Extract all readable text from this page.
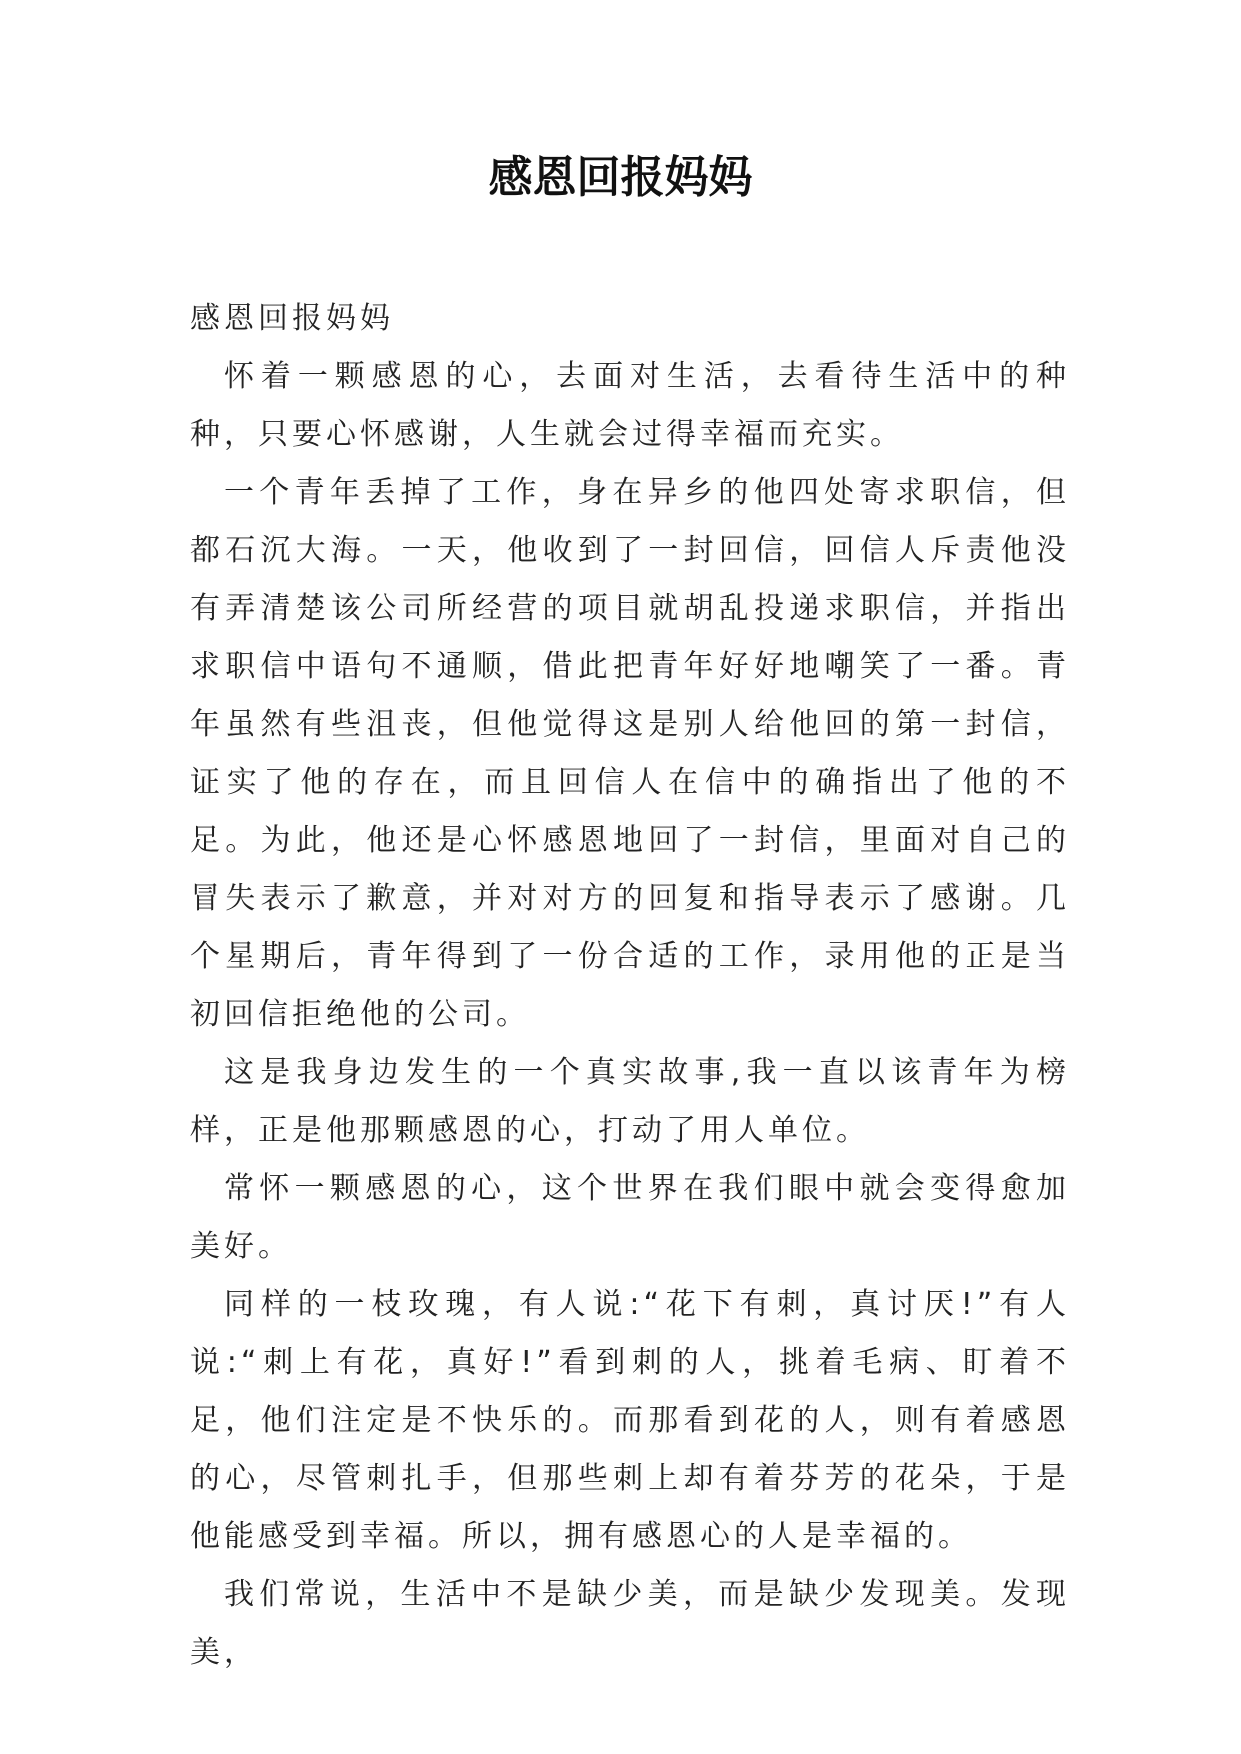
感恩回报妈妈

感恩回报妈妈

怀着一颗感恩的心，去面对生活，去看待生活中的种种，只要心怀感谢，人生就会过得幸福而充实。

一个青年丢掉了工作，身在异乡的他四处寄求职信，但都石沉大海。一天，他收到了一封回信，回信人斥责他没有弄清楚该公司所经营的项目就胡乱投递求职信，并指出求职信中语句不通顺，借此把青年好好地嘲笑了一番。青年虽然有些沮丧，但他觉得这是别人给他回的第一封信，证实了他的存在，而且回信人在信中的确指出了他的不足。为此，他还是心怀感恩地回了一封信，里面对自己的冒失表示了歉意，并对对方的回复和指导表示了感谢。几个星期后，青年得到了一份合适的工作，录用他的正是当初回信拒绝他的公司。

这是我身边发生的一个真实故事,我一直以该青年为榜样，正是他那颗感恩的心，打动了用人单位。

常怀一颗感恩的心，这个世界在我们眼中就会变得愈加美好。

同样的一枝玫瑰，有人说:“花下有刺，真讨厌!”有人说:“刺上有花，真好!”看到刺的人，挑着毛病、盯着不足，他们注定是不快乐的。而那看到花的人，则有着感恩的心，尽管刺扎手，但那些刺上却有着芬芳的花朵，于是他能感受到幸福。所以，拥有感恩心的人是幸福的。

我们常说，生活中不是缺少美，而是缺少发现美。发现美，
